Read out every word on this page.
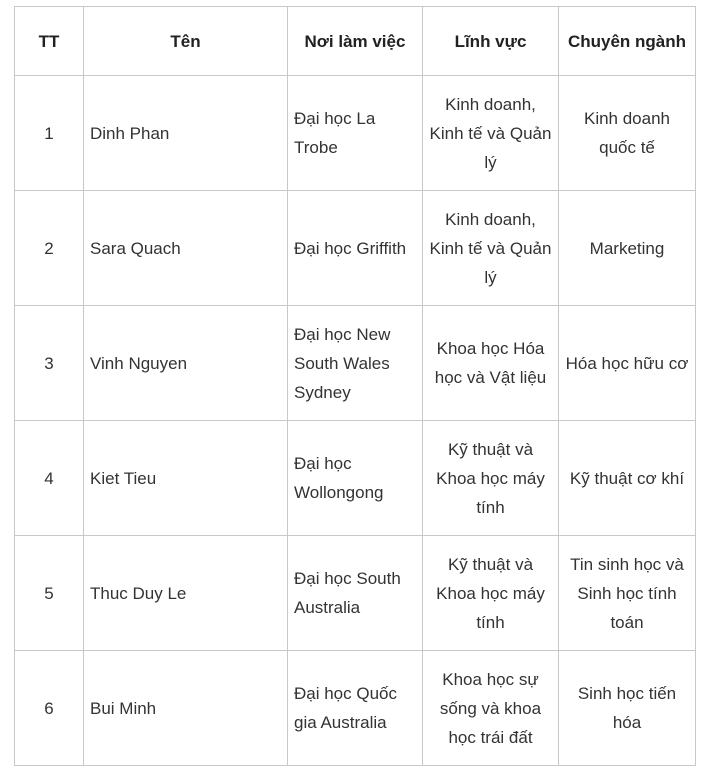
TT	Tên	Nơi làm việc	Lĩnh vực	Chuyên ngành
1	Dinh Phan	Đại học La Trobe	Kinh doanh, Kinh tế và Quản lý	Kinh doanh quốc tế
2	Sara Quach	Đại học Griffith	Kinh doanh, Kinh tế và Quản lý	Marketing
3	Vinh Nguyen	Đại học New South Wales Sydney	Khoa học Hóa học và Vật liệu	Hóa học hữu cơ
4	Kiet Tieu	Đại học Wollongong	Kỹ thuật và Khoa học máy tính	Kỹ thuật cơ khí
5	Thuc Duy Le	Đại học South Australia	Kỹ thuật và Khoa học máy tính	Tin sinh học và Sinh học tính toán
6	Bui Minh	Đại học Quốc gia Australia	Khoa học sự sống và khoa học trái đất	Sinh học tiến hóa
